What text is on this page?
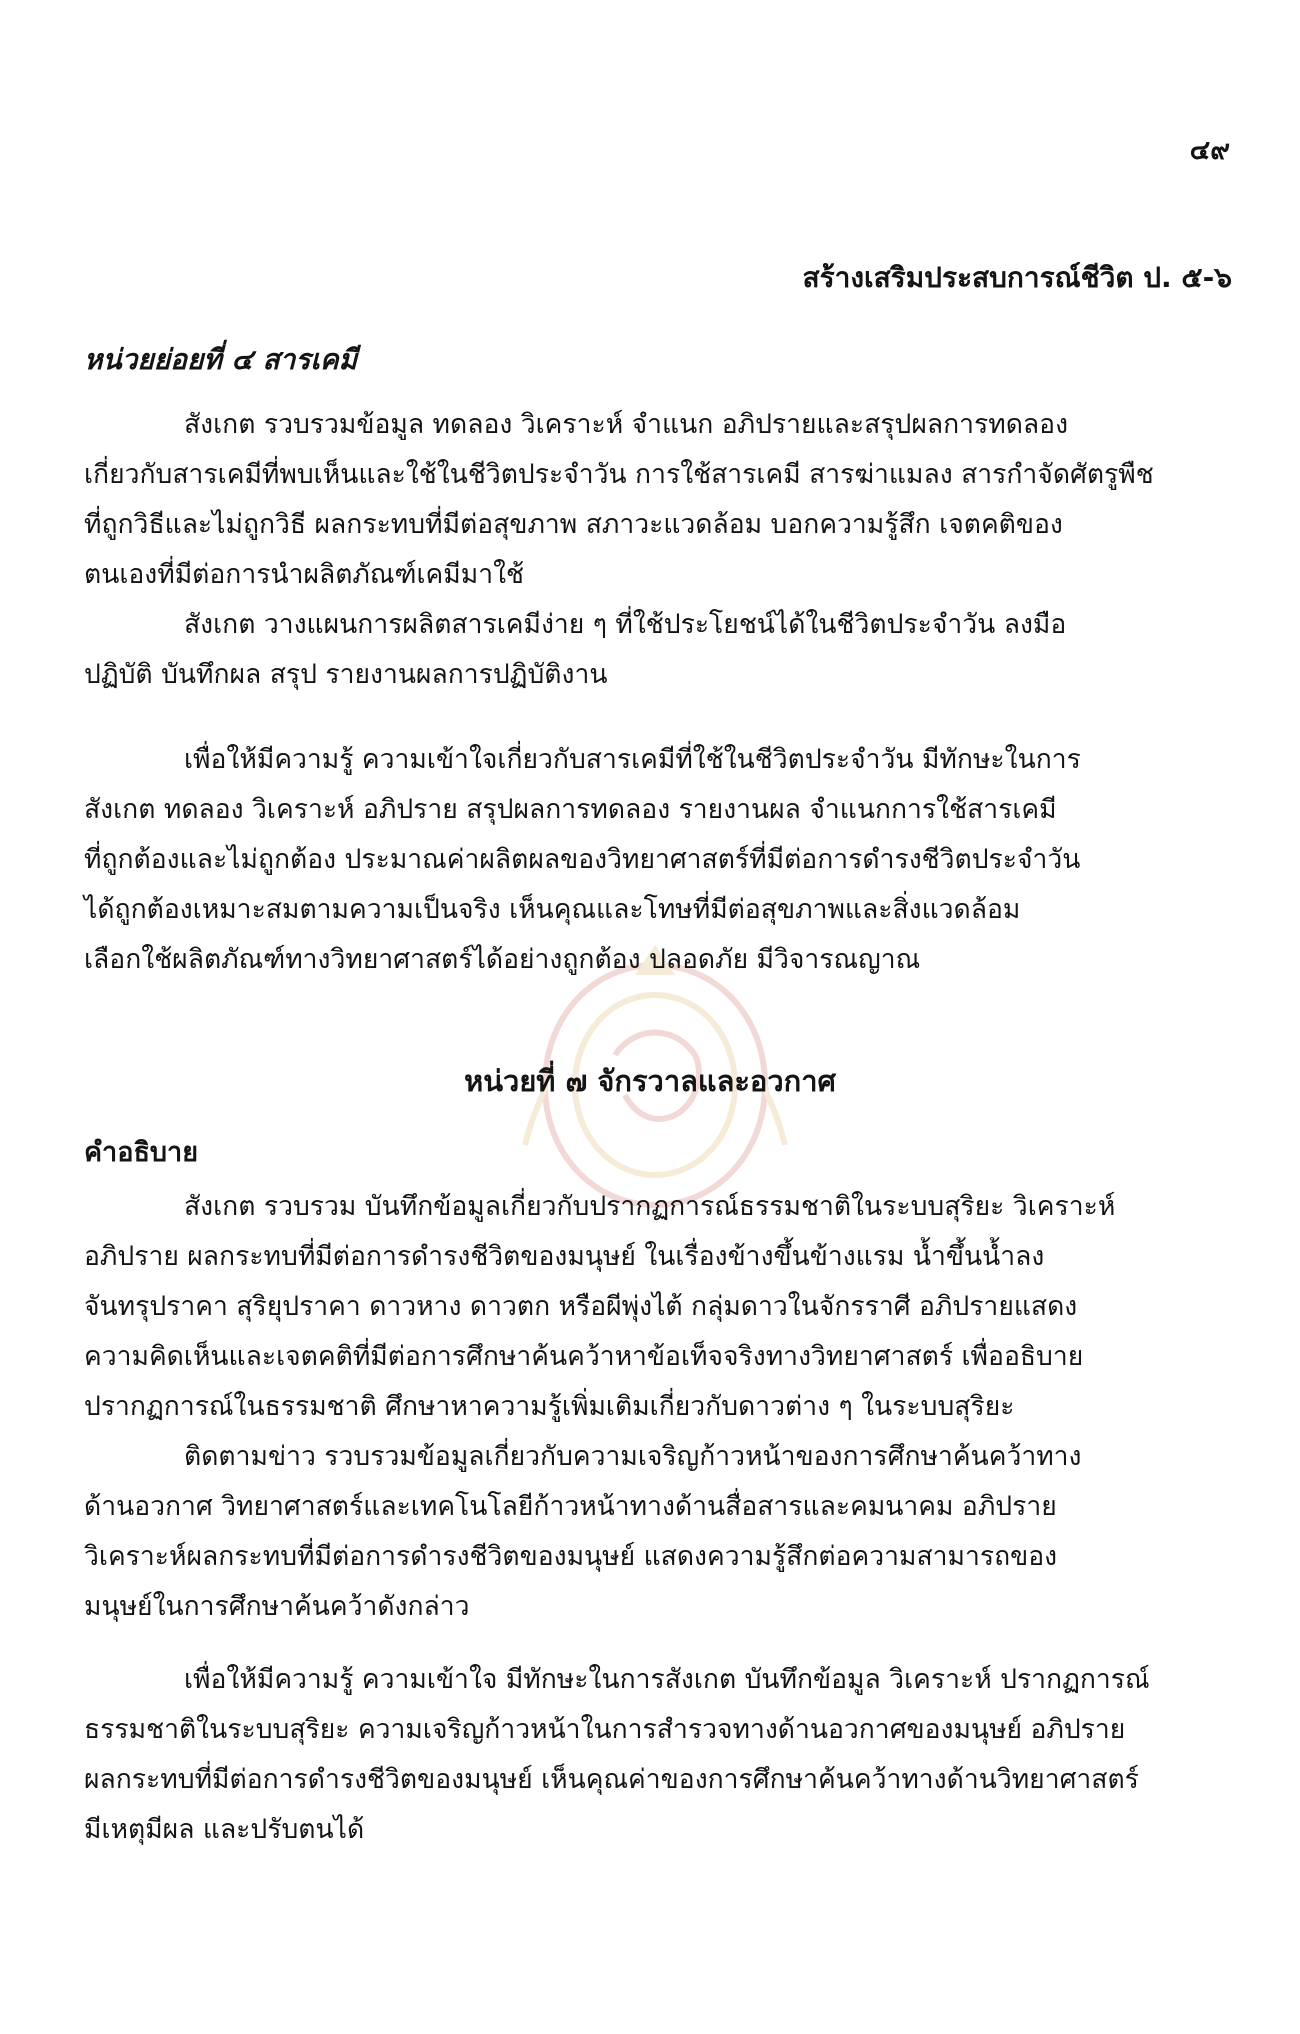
๔๙
สร้างเสริมประสบการณ์ชีวิต ป. ๕-๖
หน่วยย่อยที่ ๔ สารเคมี
สังเกต รวบรวมข้อมูล ทดลอง วิเคราะห์ จำแนก อภิปรายและสรุปผลการทดลอง
เกี่ยวกับสารเคมีที่พบเห็นและใช้ในชีวิตประจำวัน การใช้สารเคมี สารฆ่าแมลง สารกำจัดศัตรูพืช
ที่ถูกวิธีและไม่ถูกวิธี ผลกระทบที่มีต่อสุขภาพ สภาวะแวดล้อม บอกความรู้สึก เจตคติของ
ตนเองที่มีต่อการนำผลิตภัณฑ์เคมีมาใช้
สังเกต วางแผนการผลิตสารเคมีง่าย ๆ ที่ใช้ประโยชน์ได้ในชีวิตประจำวัน ลงมือ
ปฏิบัติ บันทึกผล สรุป รายงานผลการปฏิบัติงาน
เพื่อให้มีความรู้ ความเข้าใจเกี่ยวกับสารเคมีที่ใช้ในชีวิตประจำวัน มีทักษะในการ
สังเกต ทดลอง วิเคราะห์ อภิปราย สรุปผลการทดลอง รายงานผล จำแนกการใช้สารเคมี
ที่ถูกต้องและไม่ถูกต้อง ประมาณค่าผลิตผลของวิทยาศาสตร์ที่มีต่อการดำรงชีวิตประจำวัน
ได้ถูกต้องเหมาะสมตามความเป็นจริง เห็นคุณและโทษที่มีต่อสุขภาพและสิ่งแวดล้อม
เลือกใช้ผลิตภัณฑ์ทางวิทยาศาสตร์ได้อย่างถูกต้อง ปลอดภัย มีวิจารณญาณ
หน่วยที่ ๗ จักรวาลและอวกาศ
คำอธิบาย
สังเกต รวบรวม บันทึกข้อมูลเกี่ยวกับปรากฏการณ์ธรรมชาติในระบบสุริยะ วิเคราะห์
อภิปราย ผลกระทบที่มีต่อการดำรงชีวิตของมนุษย์ ในเรื่องข้างขึ้นข้างแรม น้ำขึ้นน้ำลง
จันทรุปราคา สุริยุปราคา ดาวหาง ดาวตก หรือผีพุ่งไต้ กลุ่มดาวในจักรราศี อภิปรายแสดง
ความคิดเห็นและเจตคติที่มีต่อการศึกษาค้นคว้าหาข้อเท็จจริงทางวิทยาศาสตร์ เพื่ออธิบาย
ปรากฏการณ์ในธรรมชาติ ศึกษาหาความรู้เพิ่มเติมเกี่ยวกับดาวต่าง ๆ ในระบบสุริยะ
ติดตามข่าว รวบรวมข้อมูลเกี่ยวกับความเจริญก้าวหน้าของการศึกษาค้นคว้าทาง
ด้านอวกาศ วิทยาศาสตร์และเทคโนโลยีก้าวหน้าทางด้านสื่อสารและคมนาคม อภิปราย
วิเคราะห์ผลกระทบที่มีต่อการดำรงชีวิตของมนุษย์ แสดงความรู้สึกต่อความสามารถของ
มนุษย์ในการศึกษาค้นคว้าดังกล่าว
เพื่อให้มีความรู้ ความเข้าใจ มีทักษะในการสังเกต บันทึกข้อมูล วิเคราะห์ ปรากฏการณ์
ธรรมชาติในระบบสุริยะ ความเจริญก้าวหน้าในการสำรวจทางด้านอวกาศของมนุษย์ อภิปราย
ผลกระทบที่มีต่อการดำรงชีวิตของมนุษย์ เห็นคุณค่าของการศึกษาค้นคว้าทางด้านวิทยาศาสตร์
มีเหตุมีผล และปรับตนได้
